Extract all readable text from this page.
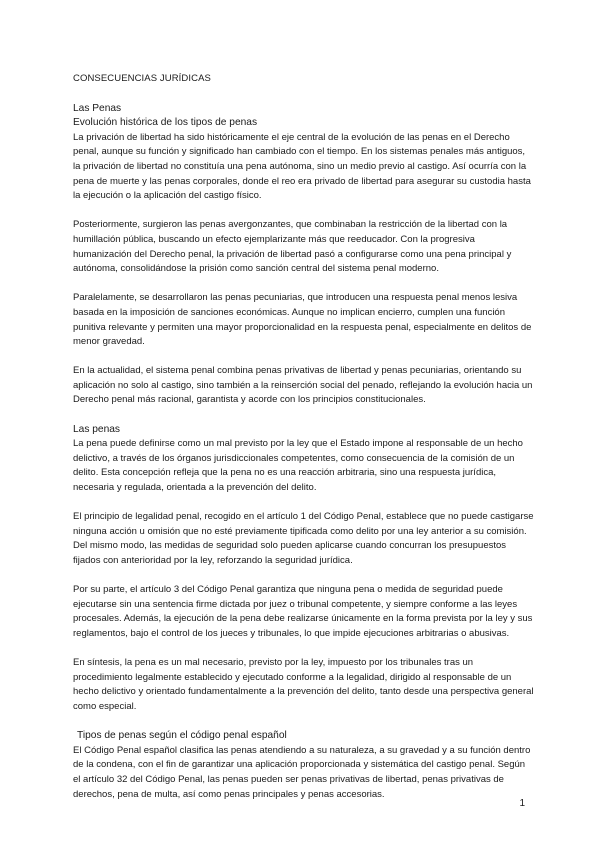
CONSECUENCIAS JURÍDICAS
Las Penas
Evolución histórica de los tipos de penas

La privación de libertad ha sido históricamente el eje central de la evolución de las penas en el Derecho penal, aunque su función y significado han cambiado con el tiempo. En los sistemas penales más antiguos, la privación de libertad no constituía una pena autónoma, sino un medio previo al castigo. Así ocurría con la pena de muerte y las penas corporales, donde el reo era privado de libertad para asegurar su custodia hasta la ejecución o la aplicación del castigo físico.

Posteriormente, surgieron las penas avergonzantes, que combinaban la restricción de la libertad con la humillación pública, buscando un efecto ejemplarizante más que reeducador. Con la progresiva humanización del Derecho penal, la privación de libertad pasó a configurarse como una pena principal y autónoma, consolidándose la prisión como sanción central del sistema penal moderno.

Paralelamente, se desarrollaron las penas pecuniarias, que introducen una respuesta penal menos lesiva basada en la imposición de sanciones económicas. Aunque no implican encierro, cumplen una función punitiva relevante y permiten una mayor proporcionalidad en la respuesta penal, especialmente en delitos de menor gravedad.

En la actualidad, el sistema penal combina penas privativas de libertad y penas pecuniarias, orientando su aplicación no solo al castigo, sino también a la reinserción social del penado, reflejando la evolución hacia un Derecho penal más racional, garantista y acorde con los principios constitucionales.

Las penas

La pena puede definirse como un mal previsto por la ley que el Estado impone al responsable de un hecho delictivo, a través de los órganos jurisdiccionales competentes, como consecuencia de la comisión de un delito. Esta concepción refleja que la pena no es una reacción arbitraria, sino una respuesta jurídica, necesaria y regulada, orientada a la prevención del delito.

El principio de legalidad penal, recogido en el artículo 1 del Código Penal, establece que no puede castigarse ninguna acción u omisión que no esté previamente tipificada como delito por una ley anterior a su comisión. Del mismo modo, las medidas de seguridad solo pueden aplicarse cuando concurran los presupuestos fijados con anterioridad por la ley, reforzando la seguridad jurídica.

Por su parte, el artículo 3 del Código Penal garantiza que ninguna pena o medida de seguridad puede ejecutarse sin una sentencia firme dictada por juez o tribunal competente, y siempre conforme a las leyes procesales. Además, la ejecución de la pena debe realizarse únicamente en la forma prevista por la ley y sus reglamentos, bajo el control de los jueces y tribunales, lo que impide ejecuciones arbitrarias o abusivas.

En síntesis, la pena es un mal necesario, previsto por la ley, impuesto por los tribunales tras un procedimiento legalmente establecido y ejecutado conforme a la legalidad, dirigido al responsable de un hecho delictivo y orientado fundamentalmente a la prevención del delito, tanto desde una perspectiva general como especial.

Tipos de penas según el código penal español

El Código Penal español clasifica las penas atendiendo a su naturaleza, a su gravedad y a su función dentro de la condena, con el fin de garantizar una aplicación proporcionada y sistemática del castigo penal. Según el artículo 32 del Código Penal, las penas pueden ser penas privativas de libertad, penas privativas de derechos, pena de multa, así como penas principales y penas accesorias.

1
